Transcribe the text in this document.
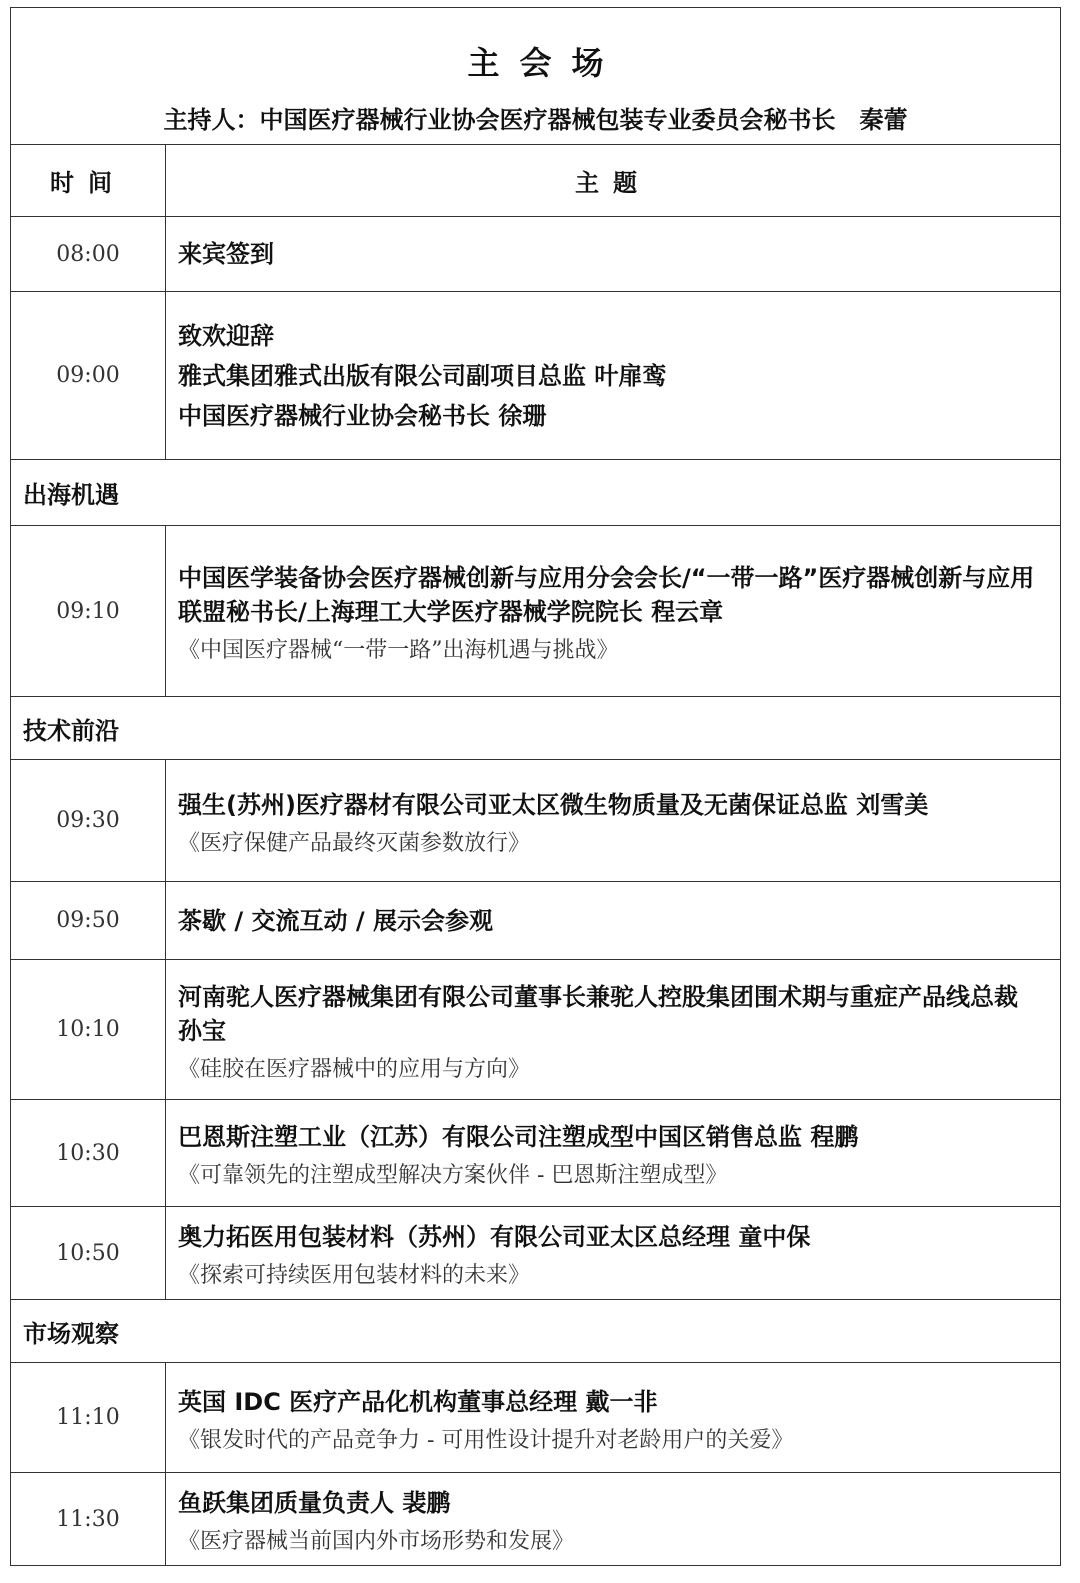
主会场
主持人：中国医疗器械行业协会医疗器械包装专业委员会秘书长　秦蕾	

时间	主题
08:00	来宾签到

09:00	致欢迎辞
雅式集团雅式出版有限公司副项目总监 叶扉鸾
中国医疗器械行业协会秘书长 徐珊

出海机遇	
09:10	中国医学装备协会医疗器械创新与应用分会会长/“一带一路”医疗器械创新与应用联盟秘书长/上海理工大学医疗器械学院院长 程云章
《中国医疗器械“一带一路”出海机遇与挑战》

技术前沿	
09:30	强生(苏州)医疗器材有限公司亚太区微生物质量及无菌保证总监 刘雪美
《医疗保健产品最终灭菌参数放行》

09:50	茶歇 / 交流互动 / 展示会参观

10:10	河南驼人医疗器械集团有限公司董事长兼驼人控股集团围术期与重症产品线总裁 孙宝
《硅胶在医疗器械中的应用与方向》

10:30	巴恩斯注塑工业（江苏）有限公司注塑成型中国区销售总监 程鹏
《可靠领先的注塑成型解决方案伙伴 - 巴恩斯注塑成型》

10:50	奥力拓医用包装材料（苏州）有限公司亚太区总经理 童中保
《探索可持续医用包装材料的未来》

市场观察	
11:10	英国 IDC 医疗产品化机构董事总经理 戴一非
《银发时代的产品竞争力 - 可用性设计提升对老龄用户的关爱》

11:30	鱼跃集团质量负责人 裴鹏
《医疗器械当前国内外市场形势和发展》
